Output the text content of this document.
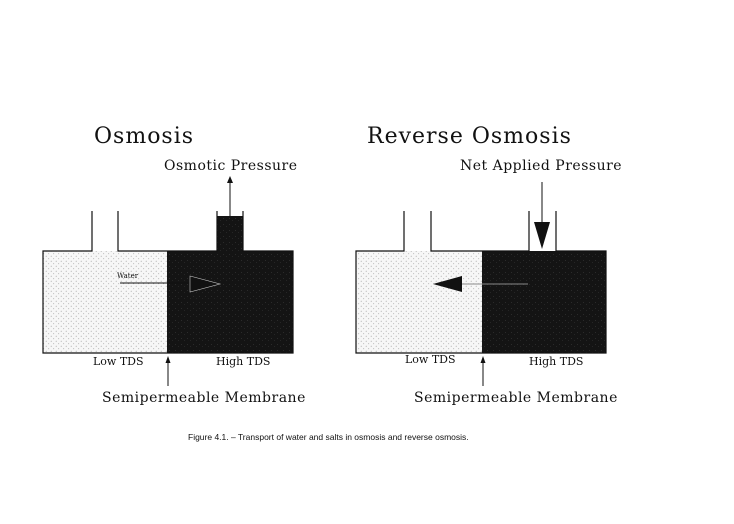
Osmosis
Osmotic Pressure
Water
Low TDS	High TDS
Semipermeable Membrane
Reverse Osmosis
Net Applied Pressure
Low TDS	High TDS
Semipermeable Membrane
Figure 4.1. – Transport of water and salts in osmosis and reverse osmosis.
